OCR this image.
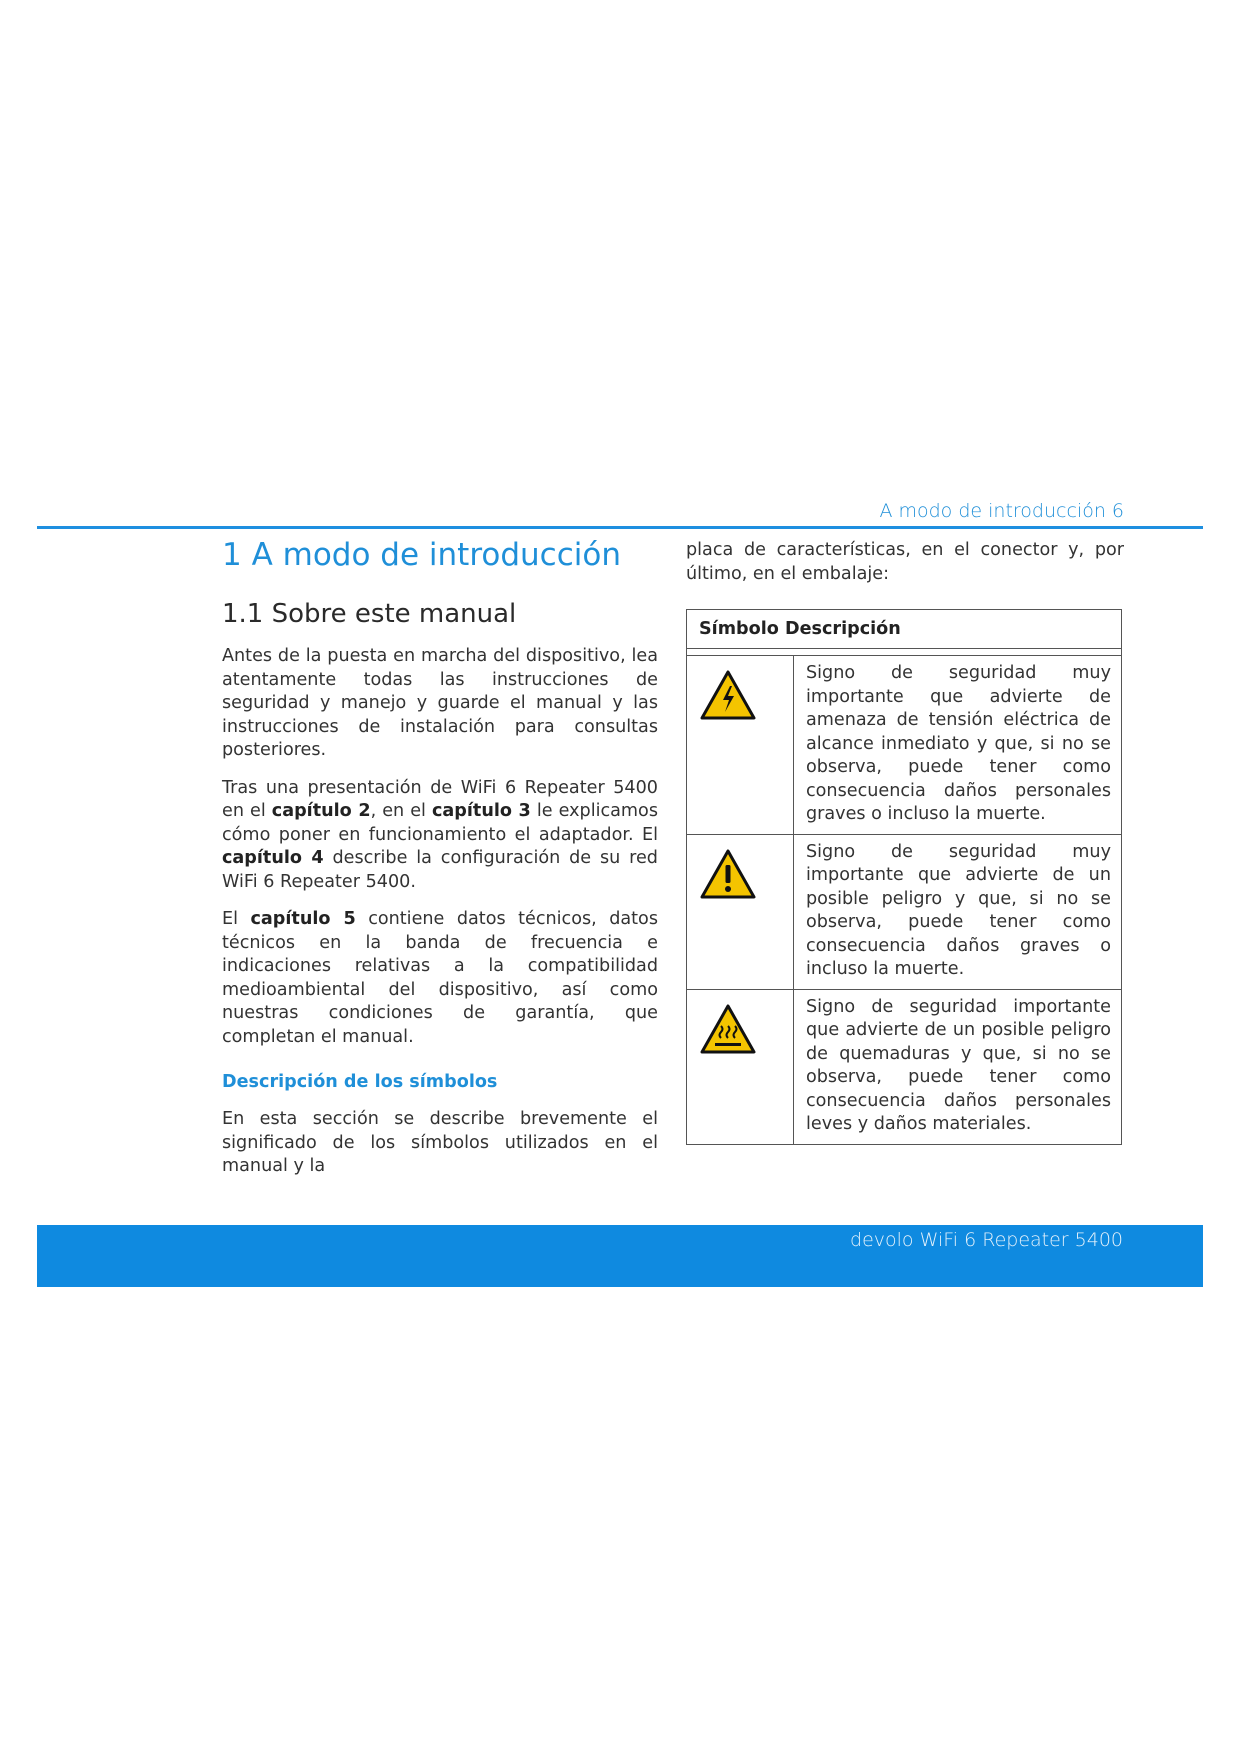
A modo de introducción 6
1 A modo de introducción
1.1 Sobre este manual

Antes de la puesta en marcha del dispositivo, lea atentamente todas las instrucciones de seguridad y manejo y guarde el manual y las instrucciones de instalación para consultas posteriores.

Tras una presentación de WiFi 6 Repeater 5400 en el capítulo 2, en el capítulo 3 le explicamos cómo poner en funcionamiento el adaptador. El capítulo 4 describe la configuración de su red WiFi 6 Repeater 5400.

El capítulo 5 contiene datos técnicos, datos técnicos en la banda de frecuencia e indicaciones relativas a la compatibilidad medioambiental del dispositivo, así como nuestras condiciones de garantía, que completan el manual.

Descripción de los símbolos

En esta sección se describe brevemente el significado de los símbolos utilizados en el manual y la

placa de características, en el conector y, por último, en el embalaje:

Símbolo Descripción	

	Signo de seguridad muy importante que advierte de amenaza de tensión eléctrica de alcance inmediato y que, si no se observa, puede tener como consecuencia daños personales graves o incluso la muerte.
	Signo de seguridad muy importante que advierte de un posible peligro y que, si no se observa, puede tener como consecuencia daños graves o incluso la muerte.
	Signo de seguridad importante que advierte de un posible peligro de quemaduras y que, si no se observa, puede tener como consecuencia daños personales leves y daños materiales.
devolo WiFi 6 Repeater 5400
